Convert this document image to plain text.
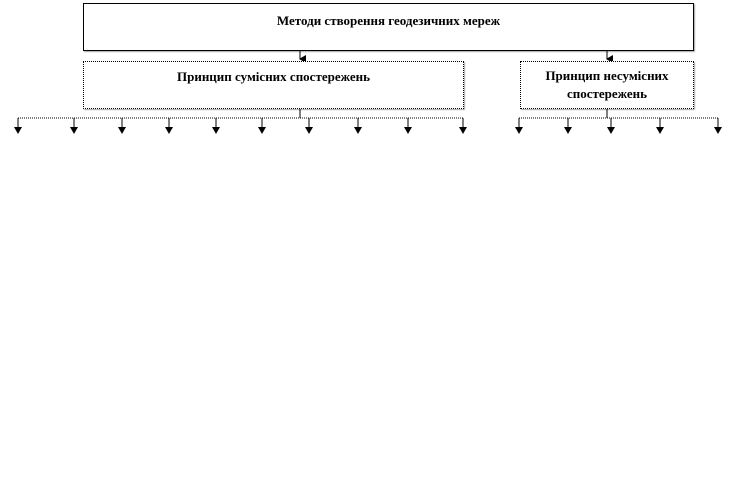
Методи створення геодезичних мереж
Принцип сумісних спостережень	Принцип несумісних спостережень
